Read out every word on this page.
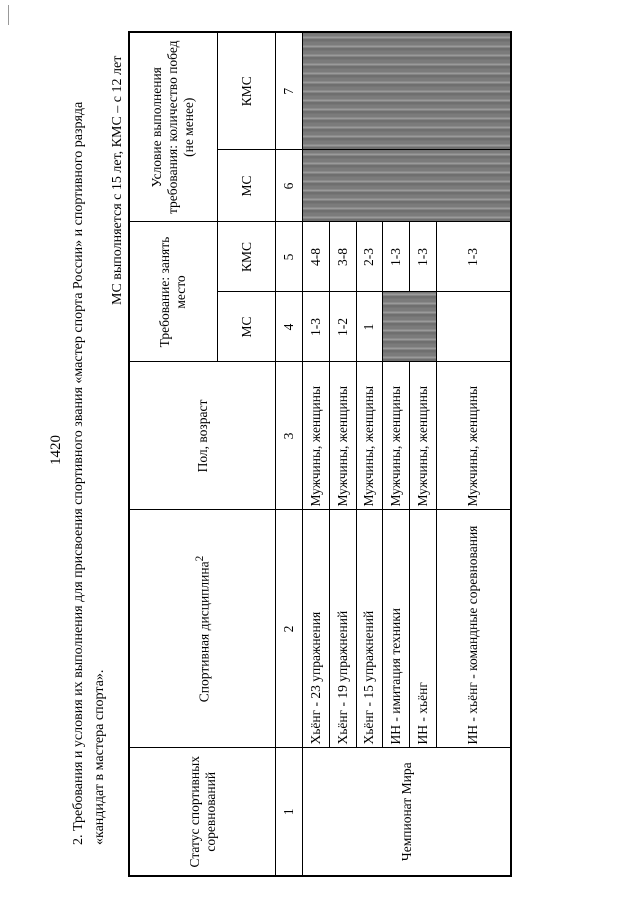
1420 2. Требования и условия их выполнения для присвоения спортивного звания «мастер спорта России» и спортивного разряда «кандидат в мастера спорта».
МС выполняется с 15 лет, КМС – с 12 лет
Статус спортивных соревнований	Спортивная дисциплина$^2$	Пол, возраст	Требование: занять место		Условие выполнения требования: количество побед (не менее)	
			МС	КМС	МС	КМС
1	2	3	4	5	6	7
Чемпионат Мира	Хьёнг - 23 упражнения	Мужчины, женщины	1-3	4-8		
	Хьёнг - 19 упражнений	Мужчины, женщины	1-2	3-8		
	Хьёнг - 15 упражнений	Мужчины, женщины	1	2-3		
	ИН - имитация техники	Мужчины, женщины		1-3		
	ИН - хьёнг	Мужчины, женщины		1-3		
	ИН - хьёнг - командные соревнования	Мужчины, женщины		1-3		
